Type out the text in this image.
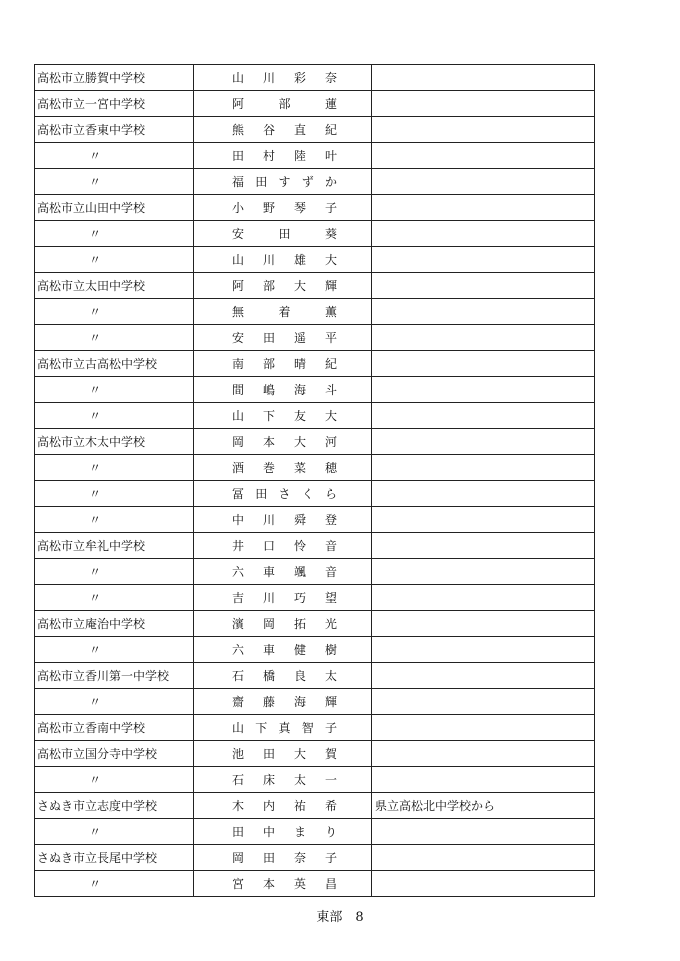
高松市立勝賀中学校	山 川 彩 奈	

高松市立一宮中学校	阿 部 蓮	

高松市立香東中学校	熊 谷 直 紀	

〃	田 村 陸 叶	

〃	福 田 す ず か	

高松市立山田中学校	小 野 琴 子	

〃	安 田 葵	

〃	山 川 雄 大	

高松市立太田中学校	阿 部 大 輝	

〃	無 着 薫	

〃	安 田 遥 平	

高松市立古高松中学校	南 部 晴 紀	

〃	間 嶋 海 斗	

〃	山 下 友 大	

高松市立木太中学校	岡 本 大 河	

〃	酒 巻 菜 穂	

〃	冨 田 さ く ら	

〃	中 川 舜 登	

高松市立牟礼中学校	井 口 怜 音	

〃	六 車 颯 音	

〃	吉 川 巧 望	

高松市立庵治中学校	濱 岡 拓 光	

〃	六 車 健 樹	

高松市立香川第一中学校	石 橋 良 太	

〃	齋 藤 海 輝	

高松市立香南中学校	山 下 真 智 子	

高松市立国分寺中学校	池 田 大 賀	

〃	石 床 太 一	

さぬき市立志度中学校	木 内 祐 希	県立高松北中学校から
〃	田 中 ま り	

さぬき市立長尾中学校	岡 田 奈 子	

〃	宮 本 英 昌	

東部　8
